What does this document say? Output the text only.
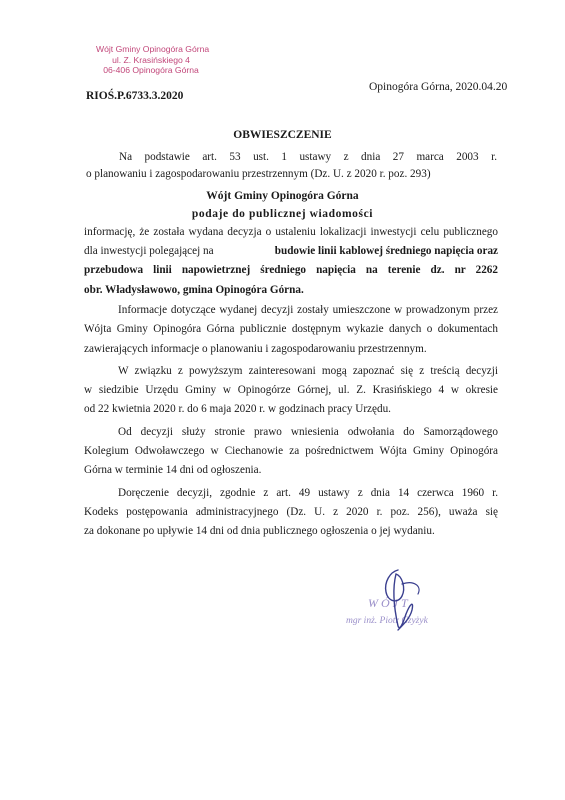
Wójt Gminy Opinogóra Górna
ul. Z. Krasińskiego 4
06-406 Opinogóra Górna
RIOŚ.P.6733.3.2020
Opinogóra Górna, 2020.04.20
OBWIESZCZENIE
Na podstawie art. 53 ust. 1 ustawy z dnia 27 marca 2003 r.
o planowaniu i zagospodarowaniu przestrzennym (Dz. U. z 2020 r. poz. 293)
Wójt Gminy Opinogóra Górna
podaje do publicznej wiadomości
informację, że została wydana decyzja o ustaleniu lokalizacji inwestycji celu publicznego
dla inwestycji polegającej na	budowie linii kablowej średniego napięcia oraz
przebudowa linii napowietrznej średniego napięcia na terenie dz. nr 2262
obr. Władysławowo, gmina Opinogóra Górna.
Informacje dotyczące wydanej decyzji zostały umieszczone w prowadzonym przez
Wójta Gminy Opinogóra Górna publicznie dostępnym wykazie danych o dokumentach
zawierających informacje o planowaniu i zagospodarowaniu przestrzennym.
W związku z powyższym zainteresowani mogą zapoznać się z treścią decyzji
w siedzibie Urzędu Gminy w Opinogórze Górnej, ul. Z. Krasińskiego 4 w okresie
od 22 kwietnia 2020 r. do 6 maja 2020 r. w godzinach pracy Urzędu.
Od decyzji służy stronie prawo wniesienia odwołania do Samorządowego
Kolegium Odwoławczego w Ciechanowie za pośrednictwem Wójta Gminy Opinogóra
Górna w terminie 14 dni od ogłoszenia.
Doręczenie decyzji, zgodnie z art. 49 ustawy z dnia 14 czerwca 1960 r.
Kodeks postępowania administracyjnego (Dz. U. z 2020 r. poz. 256), uważa się
za dokonane po upływie 14 dni od dnia publicznego ogłoszenia o jej wydaniu.
WÓJT
mgr inż. Piotr Czyżyk
